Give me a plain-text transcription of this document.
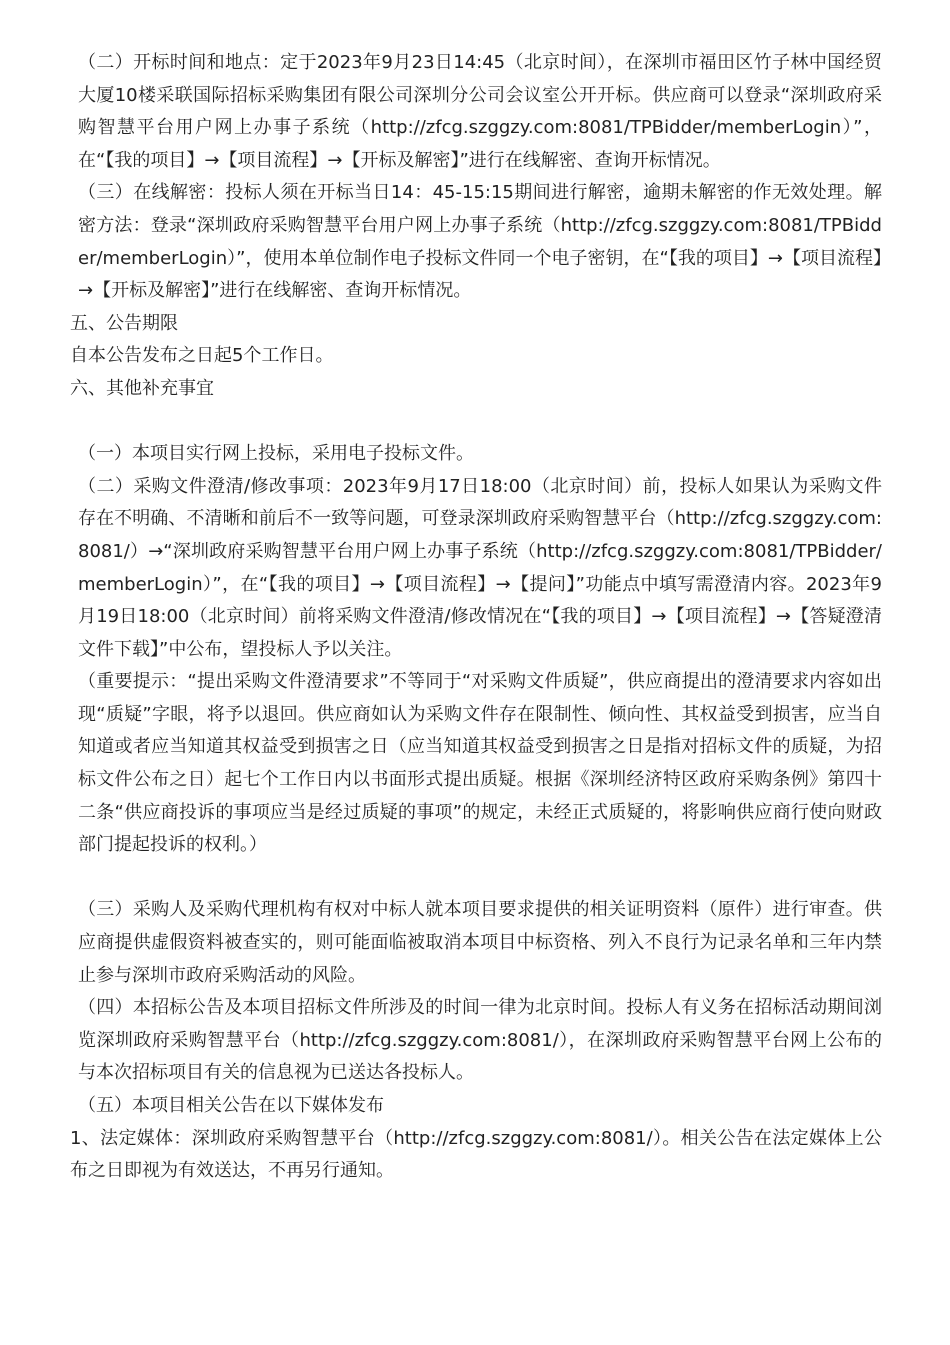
（二）开标时间和地点：定于2023年9月23日14:45（北京时间），在深圳市福田区竹子林中国经贸大厦10楼采联国际招标采购集团有限公司深圳分公司会议室公开开标。供应商可以登录“深圳政府采购智慧平台用户网上办事子系统（http://zfcg.szggzy.com:8081/TPBidder/memberLogin）”，在“【我的项目】→【项目流程】→【开标及解密】”进行在线解密、查询开标情况。

（三）在线解密：投标人须在开标当日14：45-15:15期间进行解密，逾期未解密的作无效处理。解密方法：登录“深圳政府采购智慧平台用户网上办事子系统（http://zfcg.szggzy.com:8081/TPBidder/memberLogin）”，使用本单位制作电子投标文件同一个电子密钥，在“【我的项目】→【项目流程】→【开标及解密】”进行在线解密、查询开标情况。

五、公告期限

自本公告发布之日起5个工作日。

六、其他补充事宜

（一）本项目实行网上投标，采用电子投标文件。

（二）采购文件澄清/修改事项：2023年9月17日18:00（北京时间）前，投标人如果认为采购文件存在不明确、不清晰和前后不一致等问题，可登录深圳政府采购智慧平台（http://zfcg.szggzy.com:8081/）→“深圳政府采购智慧平台用户网上办事子系统（http://zfcg.szggzy.com:8081/TPBidder/memberLogin）”，在“【我的项目】→【项目流程】→【提问】”功能点中填写需澄清内容。2023年9月19日18:00（北京时间）前将采购文件澄清/修改情况在“【我的项目】→【项目流程】→【答疑澄清文件下载】”中公布，望投标人予以关注。

（重要提示：“提出采购文件澄清要求”不等同于“对采购文件质疑”，供应商提出的澄清要求内容如出现“质疑”字眼，将予以退回。供应商如认为采购文件存在限制性、倾向性、其权益受到损害，应当自知道或者应当知道其权益受到损害之日（应当知道其权益受到损害之日是指对招标文件的质疑，为招标文件公布之日）起七个工作日内以书面形式提出质疑。根据《深圳经济特区政府采购条例》第四十二条“供应商投诉的事项应当是经过质疑的事项”的规定，未经正式质疑的，将影响供应商行使向财政部门提起投诉的权利。）

（三）采购人及采购代理机构有权对中标人就本项目要求提供的相关证明资料（原件）进行审查。供应商提供虚假资料被查实的，则可能面临被取消本项目中标资格、列入不良行为记录名单和三年内禁止参与深圳市政府采购活动的风险。

（四）本招标公告及本项目招标文件所涉及的时间一律为北京时间。投标人有义务在招标活动期间浏览深圳政府采购智慧平台（http://zfcg.szggzy.com:8081/），在深圳政府采购智慧平台网上公布的与本次招标项目有关的信息视为已送达各投标人。

（五）本项目相关公告在以下媒体发布

1、法定媒体：深圳政府采购智慧平台（http://zfcg.szggzy.com:8081/）。相关公告在法定媒体上公布之日即视为有效送达，不再另行通知。
